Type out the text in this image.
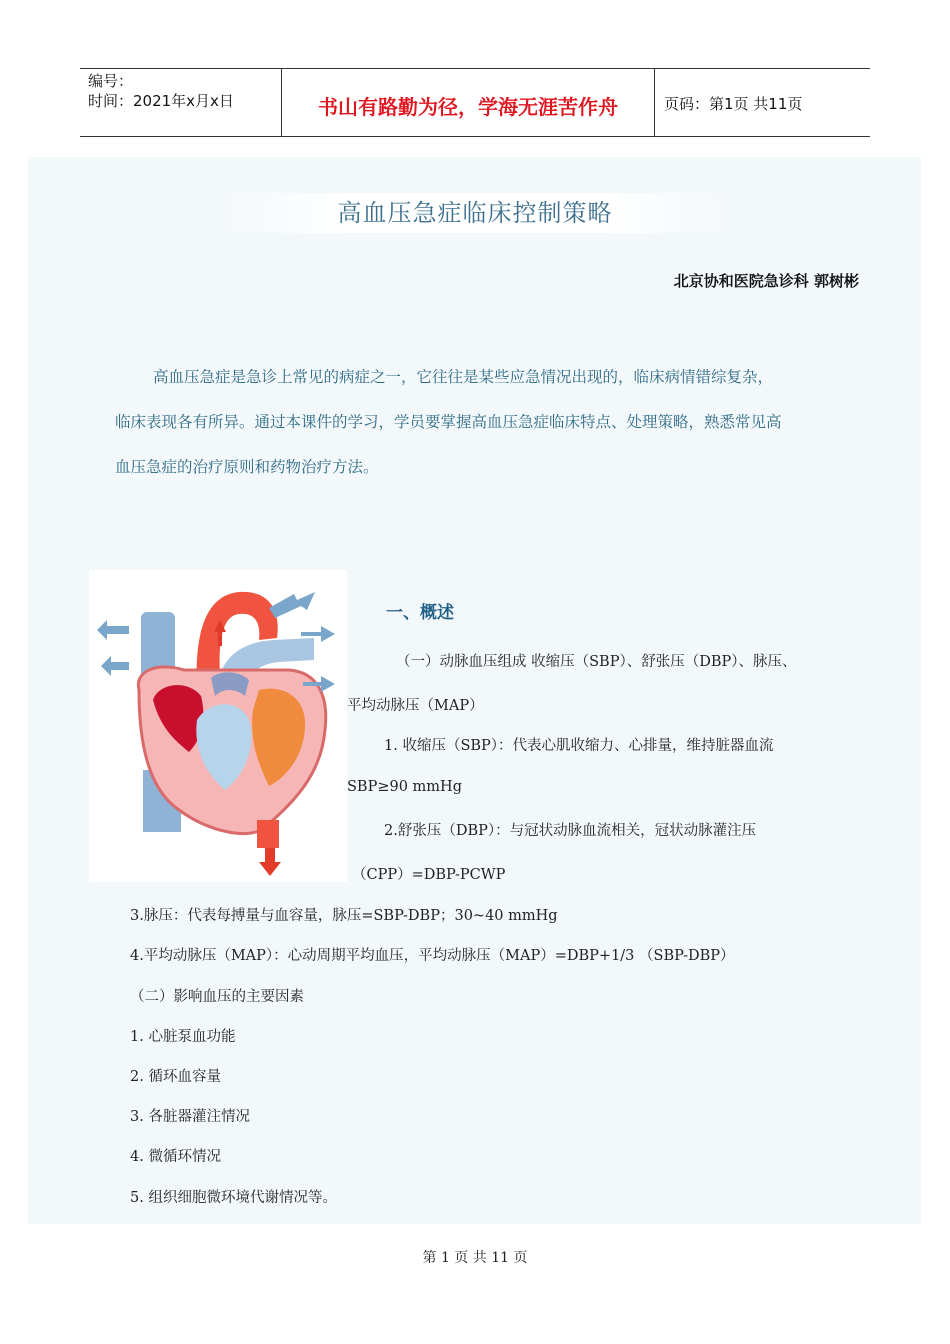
编号：
时间：2021年x月x日	书山有路勤为径，学海无涯苦作舟	页码：第1页 共11页
高血压急症临床控制策略
北京协和医院急诊科 郭树彬
高血压急症是急诊上常见的病症之一，它往往是某些应急情况出现的，临床病情错综复杂，
临床表现各有所异。通过本课件的学习，学员要掌握高血压急症临床特点、处理策略，熟悉常见高
血压急症的治疗原则和药物治疗方法。
一、概述
（一）动脉血压组成 收缩压（SBP）、舒张压（DBP）、脉压、
平均动脉压（MAP）
1. 收缩压（SBP）：代表心肌收缩力、心排量，维持脏器血流
SBP≥90 mmHg
2.舒张压（DBP）：与冠状动脉血流相关，冠状动脉灌注压
（CPP）=DBP-PCWP
3.脉压：代表每搏量与血容量，脉压=SBP-DBP；30~40 mmHg
4.平均动脉压（MAP）：心动周期平均血压，平均动脉压（MAP）=DBP+1/3 （SBP-DBP）
（二）影响血压的主要因素
1. 心脏泵血功能
2. 循环血容量
3. 各脏器灌注情况
4. 微循环情况
5. 组织细胞微环境代谢情况等。
第 1 页 共 11 页
